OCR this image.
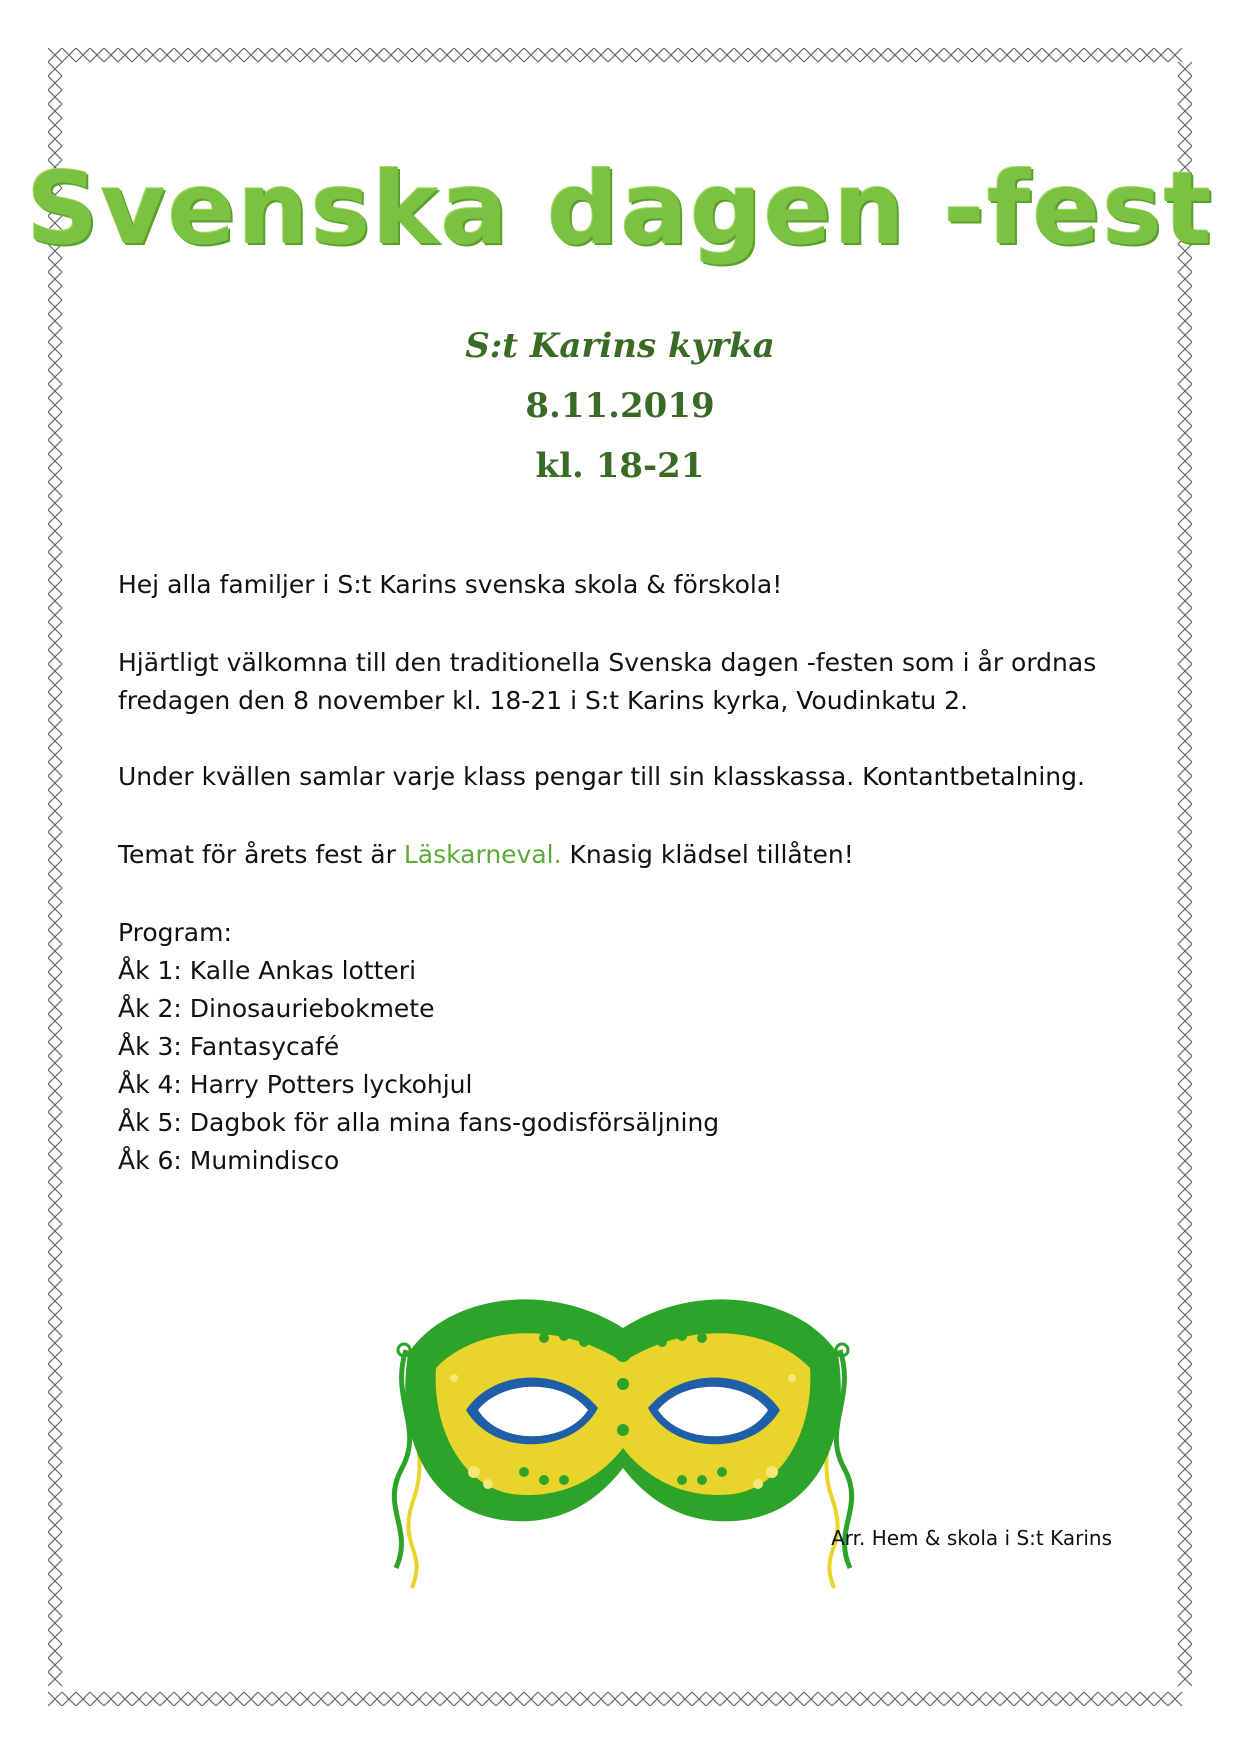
Svenska dagen -fest
S:t Karins kyrka
8.11.2019
kl. 18-21
Hej alla familjer i S:t Karins svenska skola & förskola!
Hjärtligt välkomna till den traditionella Svenska dagen -festen som i år ordnas
fredagen den 8 november kl. 18-21 i S:t Karins kyrka, Voudinkatu 2.
Under kvällen samlar varje klass pengar till sin klasskassa. Kontantbetalning.
Temat för årets fest är Läskarneval. Knasig klädsel tillåten!
Program:
Åk 1: Kalle Ankas lotteri
Åk 2: Dinosauriebokmete
Åk 3: Fantasycafé
Åk 4: Harry Potters lyckohjul
Åk 5: Dagbok för alla mina fans-godisförsäljning
Åk 6: Mumindisco
Arr. Hem & skola i S:t Karins
